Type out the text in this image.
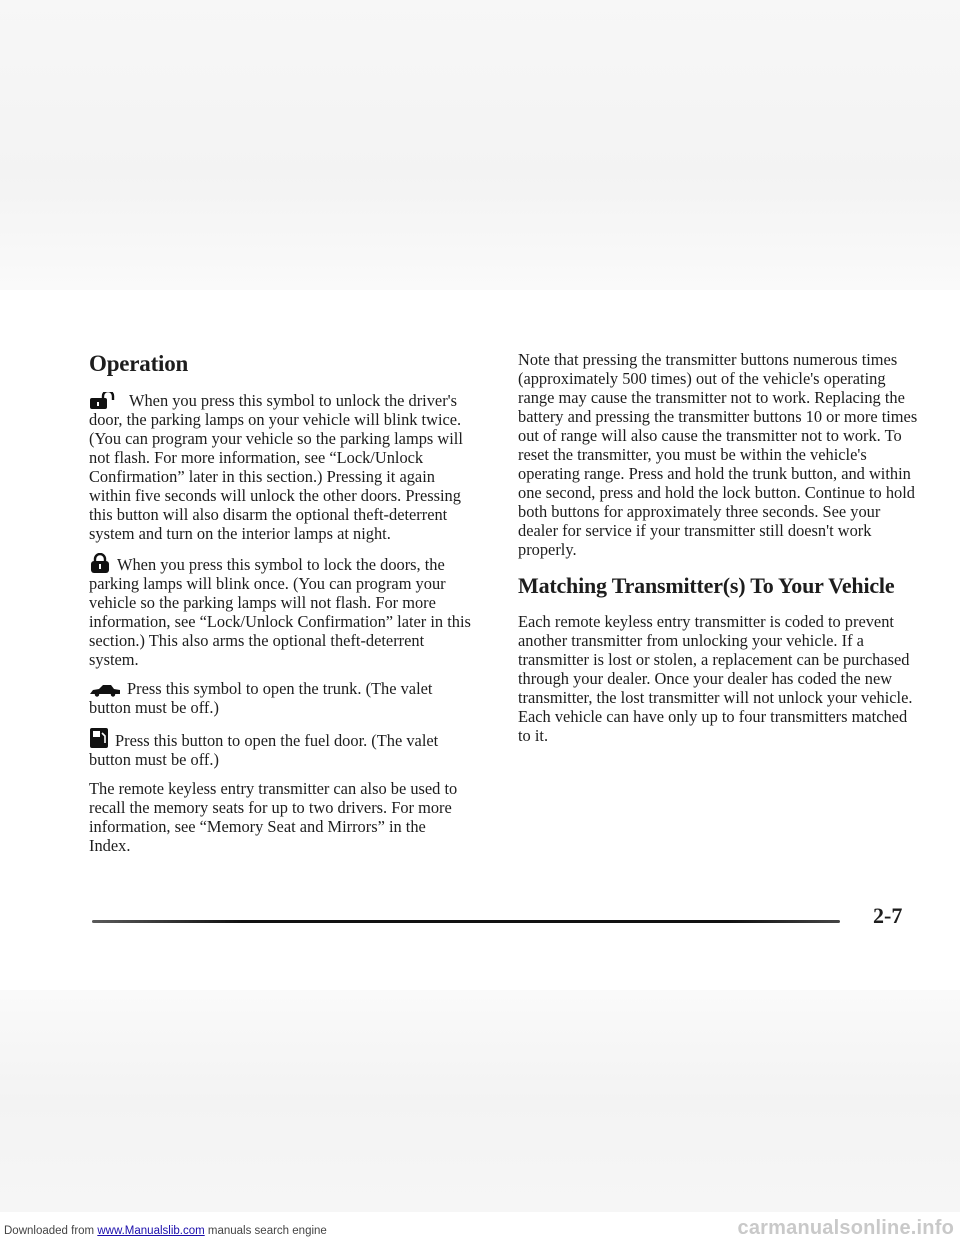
Operation

When you press this symbol to unlock the driver's door, the parking lamps on your vehicle will blink twice. (You can program your vehicle so the parking lamps will not flash. For more information, see “Lock/Unlock Confirmation” later in this section.) Pressing it again within five seconds will unlock the other doors. Pressing this button will also disarm the optional theft-deterrent system and turn on the interior lamps at night.

When you press this symbol to lock the doors, the parking lamps will blink once. (You can program your vehicle so the parking lamps will not flash. For more information, see “Lock/Unlock Confirmation” later in this section.) This also arms the optional theft-deterrent system.

Press this symbol to open the trunk. (The valet button must be off.)

Press this button to open the fuel door. (The valet button must be off.)

The remote keyless entry transmitter can also be used to recall the memory seats for up to two drivers. For more information, see “Memory Seat and Mirrors” in the Index.

Note that pressing the transmitter buttons numerous times (approximately 500 times) out of the vehicle's operating range may cause the transmitter not to work. Replacing the battery and pressing the transmitter buttons 10 or more times out of range will also cause the transmitter not to work. To reset the transmitter, you must be within the vehicle's operating range. Press and hold the trunk button, and within one second, press and hold the lock button. Continue to hold both buttons for approximately three seconds. See your dealer for service if your transmitter still doesn't work properly.

Matching Transmitter(s) To Your Vehicle

Each remote keyless entry transmitter is coded to prevent another transmitter from unlocking your vehicle. If a transmitter is lost or stolen, a replacement can be purchased through your dealer. Once your dealer has coded the new transmitter, the lost transmitter will not unlock your vehicle. Each vehicle can have only up to four transmitters matched to it.

2-7
Downloaded from www.Manualslib.com manuals search engine	carmanualsonline.info
